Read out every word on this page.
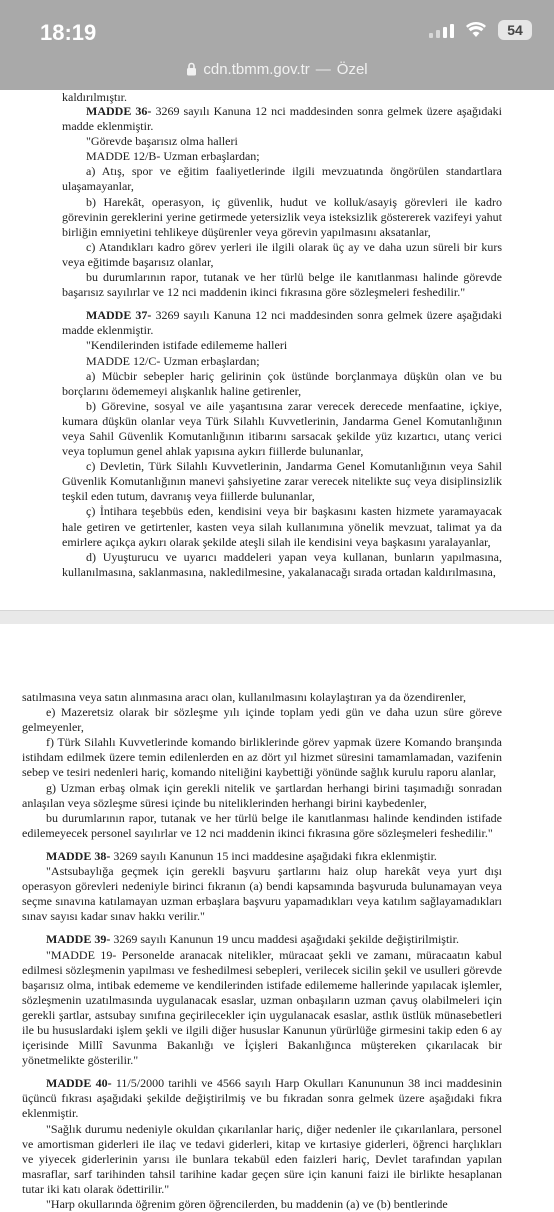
18:19	54
cdn.tbmm.gov.tr — Özel
kaldırılmıştır.

MADDE 36- 3269 sayılı Kanuna 12 nci maddesinden sonra gelmek üzere aşağıdaki madde eklenmiştir.

"Görevde başarısız olma halleri

MADDE 12/B- Uzman erbaşlardan;

a) Atış, spor ve eğitim faaliyetlerinde ilgili mevzuatında öngörülen standartlara ulaşamayanlar,

b) Harekât, operasyon, iç güvenlik, hudut ve kolluk/asayiş görevleri ile kadro görevinin gereklerini yerine getirmede yetersizlik veya isteksizlik göstererek vazifeyi yahut birliğin emniyetini tehlikeye düşürenler veya görevin yapılmasını aksatanlar,

c) Atandıkları kadro görev yerleri ile ilgili olarak üç ay ve daha uzun süreli bir kurs veya eğitimde başarısız olanlar,

bu durumlarının rapor, tutanak ve her türlü belge ile kanıtlanması halinde görevde başarısız sayılırlar ve 12 nci maddenin ikinci fıkrasına göre sözleşmeleri feshedilir."

MADDE 37- 3269 sayılı Kanuna 12 nci maddesinden sonra gelmek üzere aşağıdaki madde eklenmiştir.

"Kendilerinden istifade edilememe halleri

MADDE 12/C- Uzman erbaşlardan;

a) Mücbir sebepler hariç gelirinin çok üstünde borçlanmaya düşkün olan ve bu borçlarını ödememeyi alışkanlık haline getirenler,

b) Görevine, sosyal ve aile yaşantısına zarar verecek derecede menfaatine, içkiye, kumara düşkün olanlar veya Türk Silahlı Kuvvetlerinin, Jandarma Genel Komutanlığının veya Sahil Güvenlik Komutanlığının itibarını sarsacak şekilde yüz kızartıcı, utanç verici veya toplumun genel ahlak yapısına aykırı fiillerde bulunanlar,

c) Devletin, Türk Silahlı Kuvvetlerinin, Jandarma Genel Komutanlığının veya Sahil Güvenlik Komutanlığının manevi şahsiyetine zarar verecek nitelikte suç veya disiplinsizlik teşkil eden tutum, davranış veya fiillerde bulunanlar,

ç) İntihara teşebbüs eden, kendisini veya bir başkasını kasten hizmete yaramayacak hale getiren ve getirtenler, kasten veya silah kullanımına yönelik mevzuat, talimat ya da emirlere açıkça aykırı olarak şekilde ateşli silah ile kendisini veya başkasını yaralayanlar,

d) Uyuşturucu ve uyarıcı maddeleri yapan veya kullanan, bunların yapılmasına, kullanılmasına, saklanmasına, nakledilmesine, yakalanacağı sırada ortadan kaldırılmasına,

satılmasına veya satın alınmasına aracı olan, kullanılmasını kolaylaştıran ya da özendirenler,

e) Mazeretsiz olarak bir sözleşme yılı içinde toplam yedi gün ve daha uzun süre göreve gelmeyenler,

f) Türk Silahlı Kuvvetlerinde komando birliklerinde görev yapmak üzere Komando branşında istihdam edilmek üzere temin edilenlerden en az dört yıl hizmet süresini tamamlamadan, vazifenin sebep ve tesiri nedenleri hariç, komando niteliğini kaybettiği yönünde sağlık kurulu raporu alanlar,

g) Uzman erbaş olmak için gerekli nitelik ve şartlardan herhangi birini taşımadığı sonradan anlaşılan veya sözleşme süresi içinde bu niteliklerinden herhangi birini kaybedenler,

bu durumlarının rapor, tutanak ve her türlü belge ile kanıtlanması halinde kendinden istifade edilemeyecek personel sayılırlar ve 12 nci maddenin ikinci fıkrasına göre sözleşmeleri feshedilir."

MADDE 38- 3269 sayılı Kanunun 15 inci maddesine aşağıdaki fıkra eklenmiştir.

"Astsubaylığa geçmek için gerekli başvuru şartlarını haiz olup harekât veya yurt dışı operasyon görevleri nedeniyle birinci fıkranın (a) bendi kapsamında başvuruda bulunamayan veya seçme sınavına katılamayan uzman erbaşlara başvuru yapamadıkları veya katılım sağlayamadıkları sınav sayısı kadar sınav hakkı verilir."

MADDE 39- 3269 sayılı Kanunun 19 uncu maddesi aşağıdaki şekilde değiştirilmiştir.

"MADDE 19- Personelde aranacak nitelikler, müracaat şekli ve zamanı, müracaatın kabul edilmesi sözleşmenin yapılması ve feshedilmesi sebepleri, verilecek sicilin şekil ve usulleri görevde başarısız olma, intibak edememe ve kendilerinden istifade edilememe hallerinde yapılacak işlemler, sözleşmenin uzatılmasında uygulanacak esaslar, uzman onbaşıların uzman çavuş olabilmeleri için gerekli şartlar, astsubay sınıfına geçirilecekler için uygulanacak esaslar, astlık üstlük münasebetleri ile bu hususlardaki işlem şekli ve ilgili diğer hususlar Kanunun yürürlüğe girmesini takip eden 6 ay içerisinde Millî Savunma Bakanlığı ve İçişleri Bakanlığınca müştereken çıkarılacak bir yönetmelikte gösterilir."

MADDE 40- 11/5/2000 tarihli ve 4566 sayılı Harp Okulları Kanununun 38 inci maddesinin üçüncü fıkrası aşağıdaki şekilde değiştirilmiş ve bu fıkradan sonra gelmek üzere aşağıdaki fıkra eklenmiştir.

"Sağlık durumu nedeniyle okuldan çıkarılanlar hariç, diğer nedenler ile çıkarılanlara, personel ve amortisman giderleri ile ilaç ve tedavi giderleri, kitap ve kırtasiye giderleri, öğrenci harçlıkları ve yiyecek giderlerinin yarısı ile bunlara tekabül eden faizleri hariç, Devlet tarafından yapılan masraflar, sarf tarihinden tahsil tarihine kadar geçen süre için kanuni faizi ile birlikte hesaplanan tutar iki katı olarak ödettirilir."

"Harp okullarında öğrenim gören öğrencilerden, bu maddenin (a) ve (b) bentlerinde
